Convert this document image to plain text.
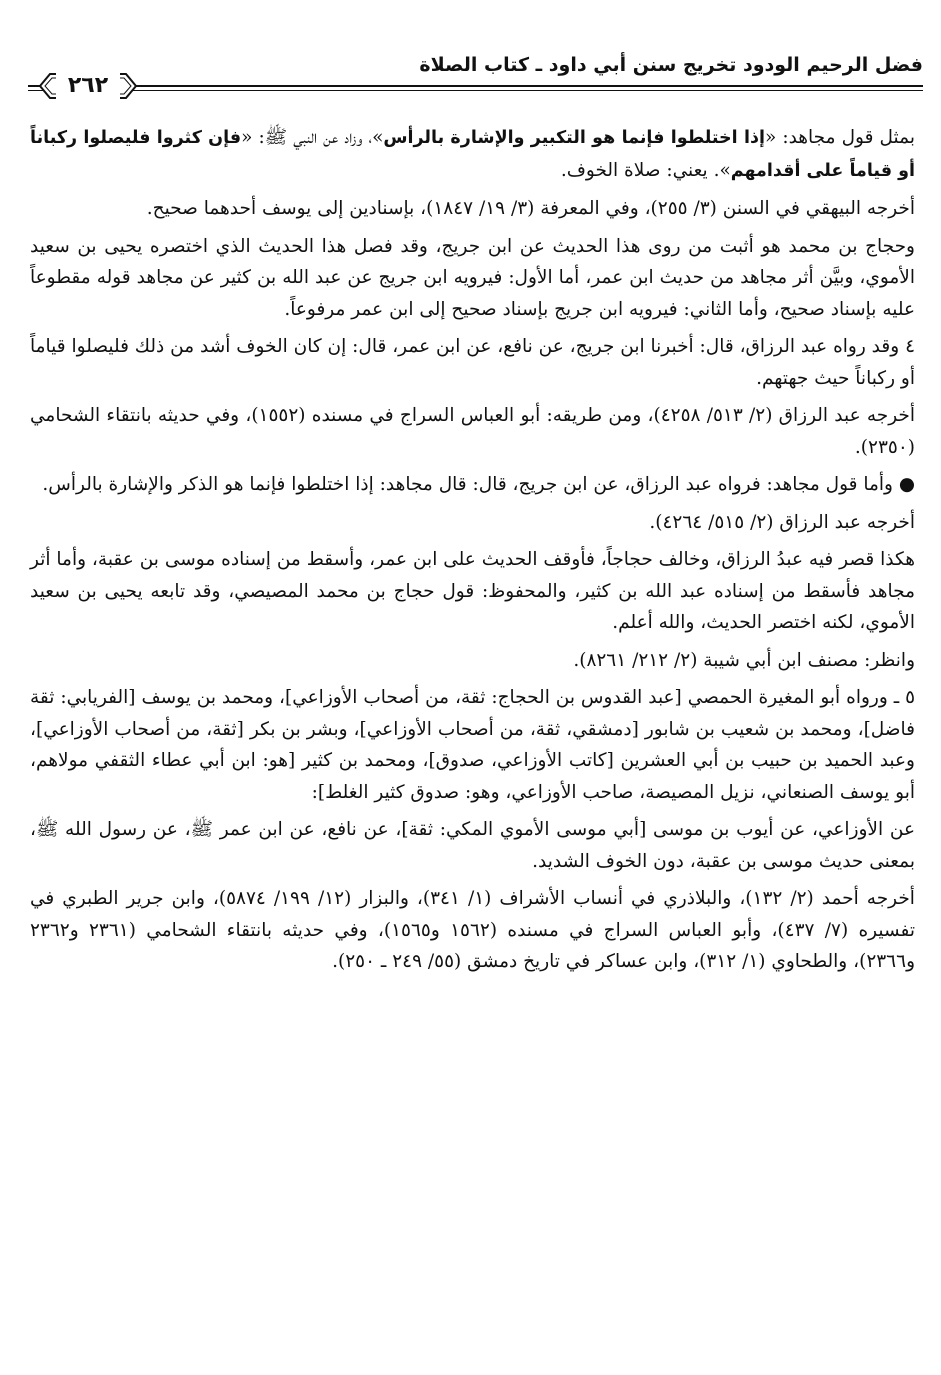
فضل الرحيم الودود تخريج سنن أبي داود ـ كتاب الصلاة
٢٦٢

بمثل قول مجاهد: «إذا اختلطوا فإنما هو التكبير والإشارة بالرأس»، وزاد عن النبي ﷺ: «فإن كثروا فليصلوا ركباناً أو قياماً على أقدامهم». يعني: صلاة الخوف.

أخرجه البيهقي في السنن (٣/ ٢٥٥)، وفي المعرفة (٣/ ١٩/ ١٨٤٧)، بإسنادين إلى يوسف أحدهما صحيح.

وحجاج بن محمد هو أثبت من روى هذا الحديث عن ابن جريج، وقد فصل هذا الحديث الذي اختصره يحيى بن سعيد الأموي، وبيَّن أثر مجاهد من حديث ابن عمر، أما الأول: فيرويه ابن جريج عن عبد الله بن كثير عن مجاهد قوله مقطوعاً عليه بإسناد صحيح، وأما الثاني: فيرويه ابن جريج بإسناد صحيح إلى ابن عمر مرفوعاً.

٤ وقد رواه عبد الرزاق، قال: أخبرنا ابن جريج، عن نافع، عن ابن عمر، قال: إن كان الخوف أشد من ذلك فليصلوا قياماً أو ركباناً حيث جهتهم.

أخرجه عبد الرزاق (٢/ ٥١٣/ ٤٢٥٨)، ومن طريقه: أبو العباس السراج في مسنده (١٥٥٢)، وفي حديثه بانتقاء الشحامي (٢٣٥٠).

● وأما قول مجاهد: فرواه عبد الرزاق، عن ابن جريج، قال: قال مجاهد: إذا اختلطوا فإنما هو الذكر والإشارة بالرأس.

أخرجه عبد الرزاق (٢/ ٥١٥/ ٤٢٦٤).

هكذا قصر فيه عبدُ الرزاق، وخالف حجاجاً، فأوقف الحديث على ابن عمر، وأسقط من إسناده موسى بن عقبة، وأما أثر مجاهد فأسقط من إسناده عبد الله بن كثير، والمحفوظ: قول حجاج بن محمد المصيصي، وقد تابعه يحيى بن سعيد الأموي، لكنه اختصر الحديث، والله أعلم.

وانظر: مصنف ابن أبي شيبة (٢/ ٢١٢/ ٨٢٦١).

٥ ـ ورواه أبو المغيرة الحمصي [عبد القدوس بن الحجاج: ثقة، من أصحاب الأوزاعي]، ومحمد بن يوسف [الفريابي: ثقة فاضل]، ومحمد بن شعيب بن شابور [دمشقي، ثقة، من أصحاب الأوزاعي]، وبشر بن بكر [ثقة، من أصحاب الأوزاعي]، وعبد الحميد بن حبيب بن أبي العشرين [كاتب الأوزاعي، صدوق]، ومحمد بن كثير [هو: ابن أبي عطاء الثقفي مولاهم، أبو يوسف الصنعاني، نزيل المصيصة، صاحب الأوزاعي، وهو: صدوق كثير الغلط]:

عن الأوزاعي، عن أيوب بن موسى [أبي موسى الأموي المكي: ثقة]، عن نافع، عن ابن عمر ﷺ، عن رسول الله ﷺ، بمعنى حديث موسى بن عقبة، دون الخوف الشديد.

أخرجه أحمد (٢/ ١٣٢)، والبلاذري في أنساب الأشراف (١/ ٣٤١)، والبزار (١٢/ ١٩٩/ ٥٨٧٤)، وابن جرير الطبري في تفسيره (٧/ ٤٣٧)، وأبو العباس السراج في مسنده (١٥٦٢ و١٥٦٥)، وفي حديثه بانتقاء الشحامي (٢٣٦١ و٢٣٦٢ و٢٣٦٦)، والطحاوي (١/ ٣١٢)، وابن عساكر في تاريخ دمشق (٥٥/ ٢٤٩ ـ ٢٥٠).
